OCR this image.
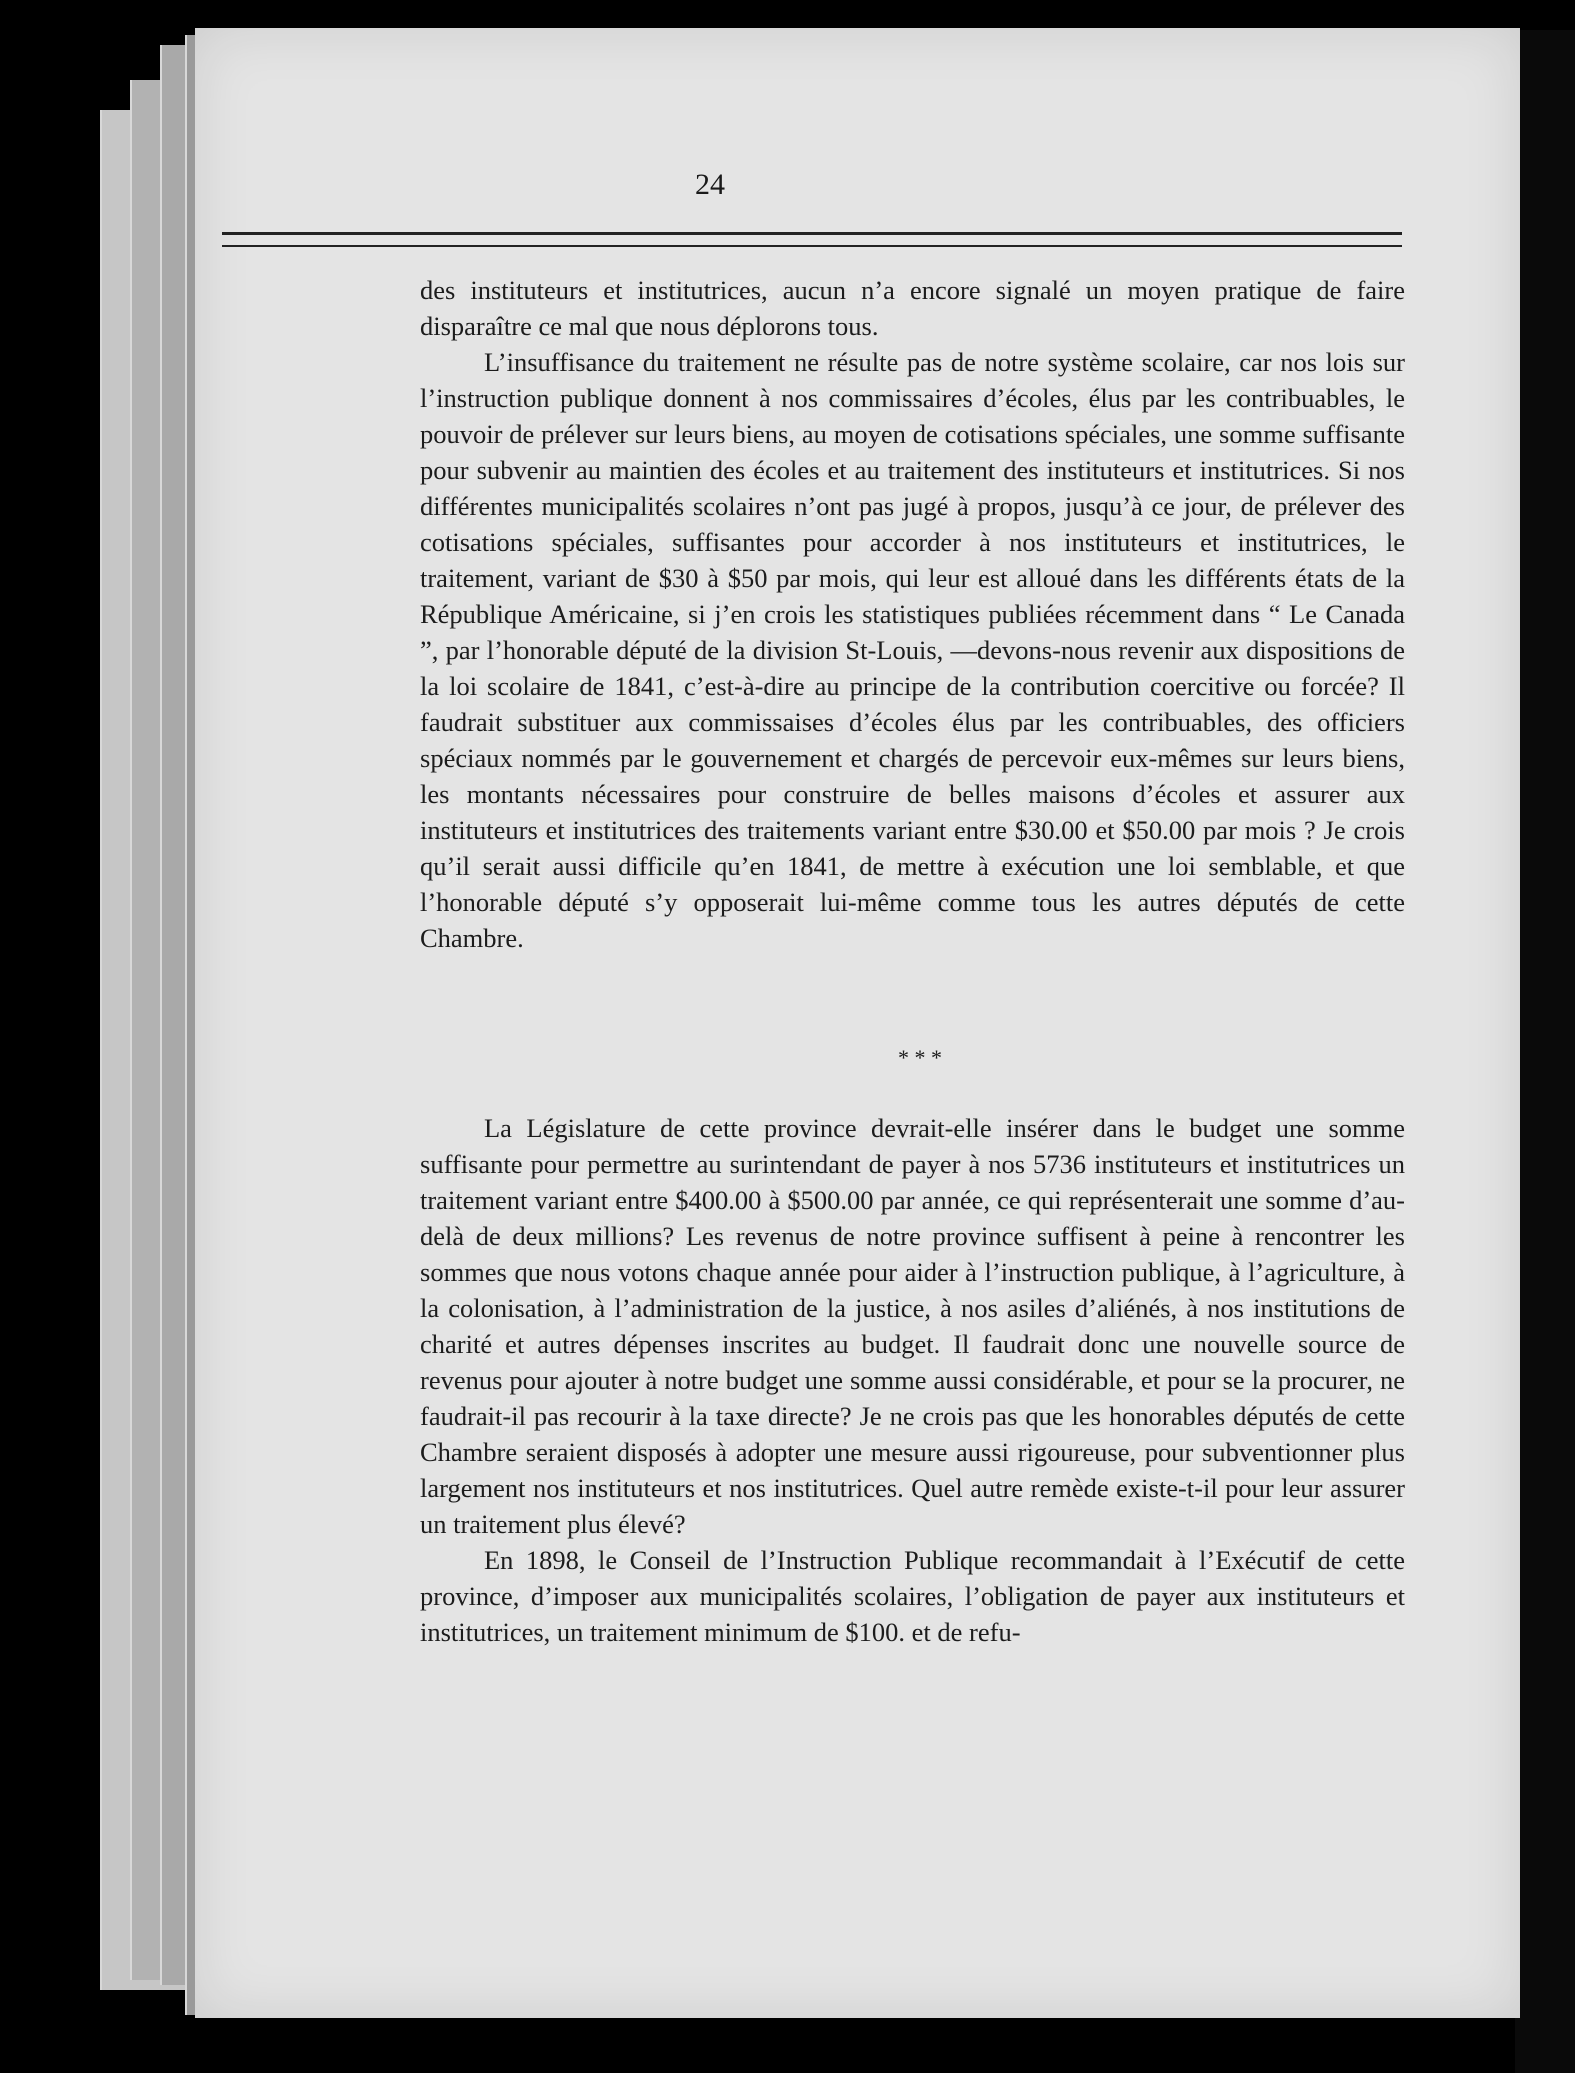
24

des instituteurs et institutrices, aucun n’a encore signalé un moyen pratique de faire disparaître ce mal que nous déplorons tous.

L’insuffisance du traitement ne résulte pas de notre système scolaire, car nos lois sur l’instruction publique donnent à nos commissaires d’écoles, élus par les contribuables, le pouvoir de prélever sur leurs biens, au moyen de cotisations spéciales, une somme suffisante pour subvenir au maintien des écoles et au traitement des instituteurs et institutrices. Si nos différentes municipalités scolaires n’ont pas jugé à propos, jusqu’à ce jour, de prélever des cotisations spéciales, suffisantes pour accorder à nos instituteurs et institutrices, le traitement, variant de $30 à $50 par mois, qui leur est alloué dans les différents états de la République Américaine, si j’en crois les statistiques publiées récemment dans “ Le Canada ”, par l’honorable député de la division St-Louis, —devons-nous revenir aux dispositions de la loi scolaire de 1841, c’est-à-dire au principe de la contribution coercitive ou forcée? Il faudrait substituer aux commissaises d’écoles élus par les contribuables, des officiers spéciaux nommés par le gouvernement et chargés de percevoir eux-mêmes sur leurs biens, les montants nécessaires pour construire de belles maisons d’écoles et assurer aux instituteurs et institutrices des traitements variant entre $30.00 et $50.00 par mois ? Je crois qu’il serait aussi difficile qu’en 1841, de mettre à exécution une loi semblable, et que l’honorable député s’y opposerait lui-même comme tous les autres députés de cette Chambre.

* * *

La Législature de cette province devrait-elle insérer dans le budget une somme suffisante pour permettre au surintendant de payer à nos 5736 instituteurs et institutrices un traitement variant entre $400.00 à $500.00 par année, ce qui représenterait une somme d’au-delà de deux millions? Les revenus de notre province suffisent à peine à rencontrer les sommes que nous votons chaque année pour aider à l’instruction publique, à l’agriculture, à la colonisation, à l’administration de la justice, à nos asiles d’aliénés, à nos institutions de charité et autres dépenses inscrites au budget. Il faudrait donc une nouvelle source de revenus pour ajouter à notre budget une somme aussi considérable, et pour se la procurer, ne faudrait-il pas recourir à la taxe directe? Je ne crois pas que les honorables députés de cette Chambre seraient disposés à adopter une mesure aussi rigoureuse, pour subventionner plus largement nos instituteurs et nos institutrices. Quel autre remède existe-t-il pour leur assurer un traitement plus élevé?

En 1898, le Conseil de l’Instruction Publique recommandait à l’Exécutif de cette province, d’imposer aux municipalités scolaires, l’obligation de payer aux instituteurs et institutrices, un traitement minimum de $100. et de refu-
